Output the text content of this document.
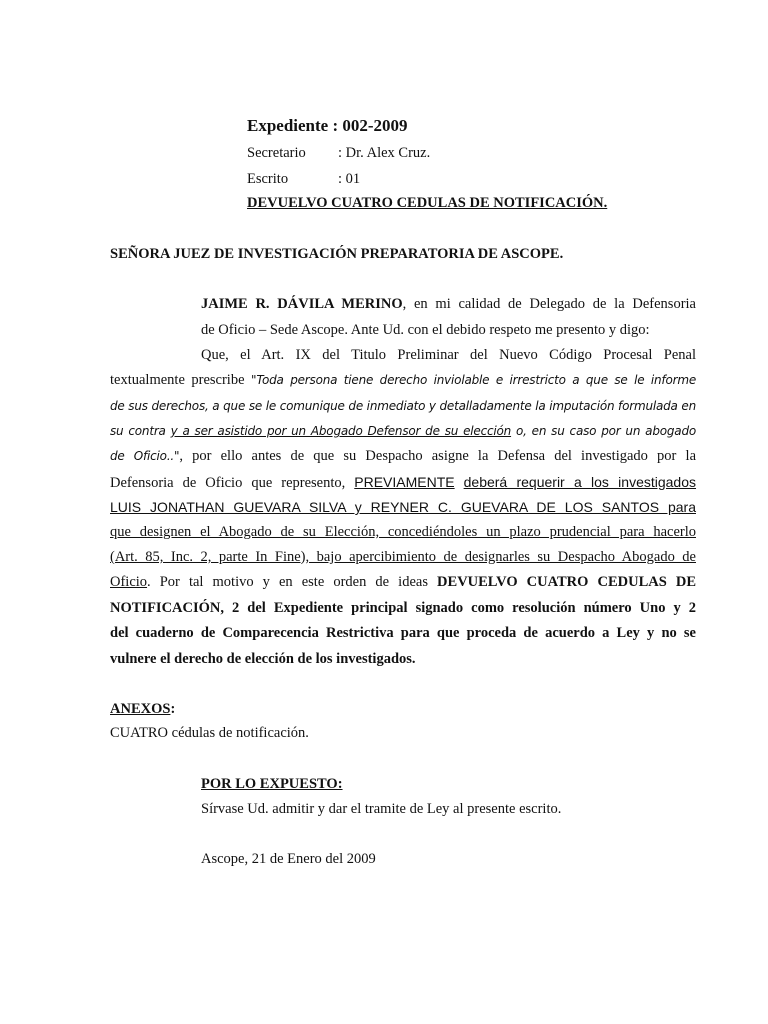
Expediente : 002-2009
Secretario : Dr. Alex Cruz.
Escrito	: 01
DEVUELVO CUATRO CEDULAS DE NOTIFICACIÓN.
SEÑORA JUEZ DE INVESTIGACIÓN PREPARATORIA DE ASCOPE.
JAIME R. DÁVILA MERINO, en mi calidad de Delegado de la Defensoria
de Oficio – Sede Ascope. Ante Ud. con el debido respeto me presento y digo:
Que, el Art. IX del Titulo Preliminar del Nuevo Código Procesal Penal
textualmente prescribe "Toda persona tiene derecho inviolable e irrestricto a que se le informe
de sus derechos, a que se le comunique de inmediato y detalladamente la imputación formulada en
su contra y a ser asistido por un Abogado Defensor de su elección o, en su caso por un abogado
de Oficio..", por ello antes de que su Despacho asigne la Defensa del investigado por la
Defensoria de Oficio que represento, PREVIAMENTE deberá requerir a los investigados
LUIS JONATHAN GUEVARA SILVA y REYNER C. GUEVARA DE LOS SANTOS para
que designen el Abogado de su Elección, concediéndoles un plazo prudencial para hacerlo
(Art. 85, Inc. 2, parte In Fine), bajo apercibimiento de designarles su Despacho Abogado de
Oficio. Por tal motivo y en este orden de ideas DEVUELVO CUATRO CEDULAS DE
NOTIFICACIÓN, 2 del Expediente principal signado como resolución número Uno y 2
del cuaderno de Comparecencia Restrictiva para que proceda de acuerdo a Ley y no se
vulnere el derecho de elección de los investigados.
ANEXOS:
CUATRO cédulas de notificación.
POR LO EXPUESTO:
Sírvase Ud. admitir y dar el tramite de Ley al presente escrito.
Ascope, 21 de Enero del 2009
